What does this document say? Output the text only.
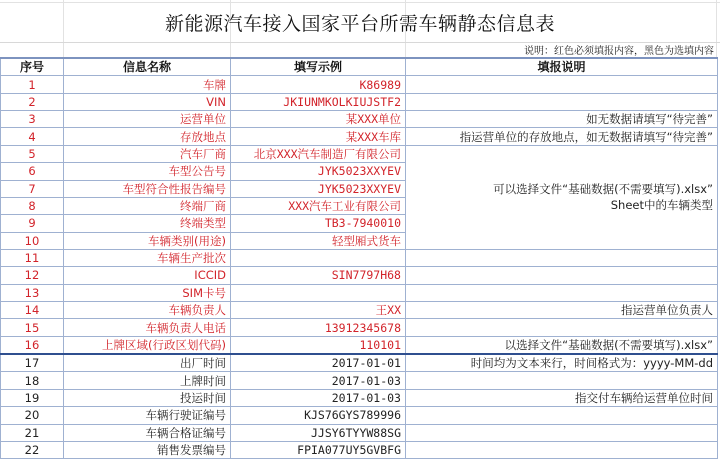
新能源汽车接入国家平台所需车辆静态信息表
说明：红色必须填报内容，黑色为选填内容
序号	信息名称	填写示例	填报说明
1	车牌	K86989	
2	VIN	JKIUNMKOLKIUJSTF2	
3	运营单位	某XXX单位	如无数据请填写“待完善”
4	存放地点	某XXX车库	指运营单位的存放地点，如无数据请填写“待完善”
5	汽车厂商	北京XXX汽车制造厂有限公司	可以选择文件“基础数据(不需要填写).xlsx”
Sheet中的车辆类型

6	车型公告号	JYK5023XXYEV	
7	车型符合性报告编号	JYK5023XXYEV	
8	终端厂商	XXX汽车工业有限公司	
9	终端类型	TB3-7940010	
10	车辆类别(用途)	轻型厢式货车	
11	车辆生产批次		
12	ICCID	SIN7797H68	
13	SIM卡号		
14	车辆负责人	王XX	指运营单位负责人
15	车辆负责人电话	13912345678	
16	上牌区域(行政区划代码)	110101	以选择文件“基础数据(不需要填写).xlsx”
17	出厂时间	2017-01-01	时间均为文本来行，时间格式为：yyyy-MM-dd
18	上牌时间	2017-01-03	
19	投运时间	2017-01-03	指交付车辆给运营单位时间
20	车辆行驶证编号	KJS76GYS789996	
21	车辆合格证编号	JJSY6TYYW88SG	
22	销售发票编号	FPIA077UY5GVBFG	
